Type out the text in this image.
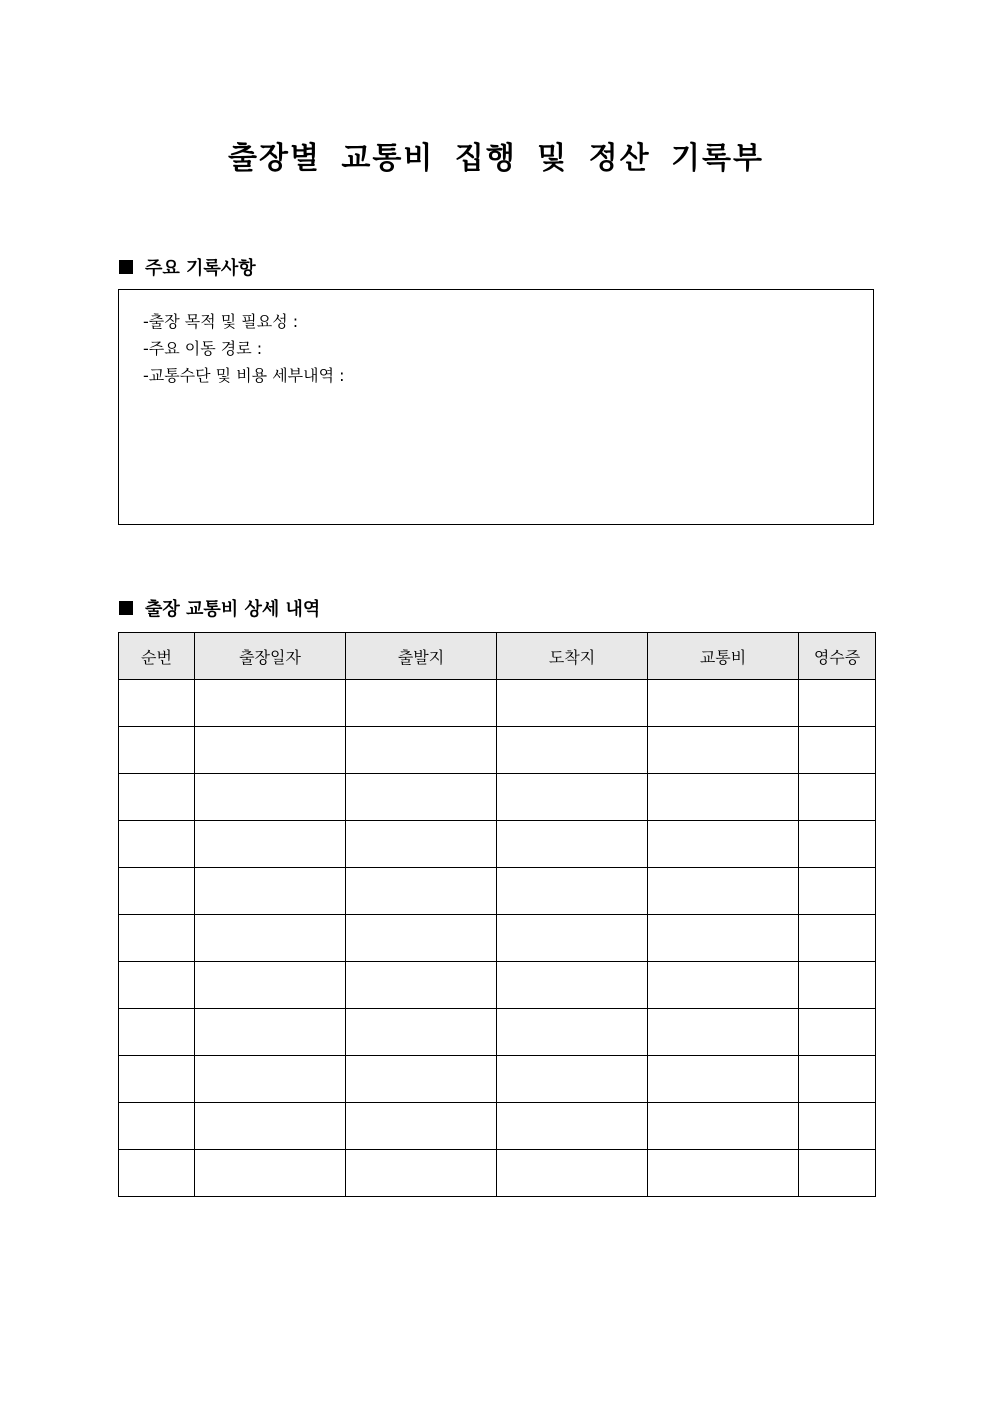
출장별 교통비 집행 및 정산 기록부
주요 기록사항
-출장 목적 및 필요성 :
-주요 이동 경로 :
-교통수단 및 비용 세부내역 :
출장 교통비 상세 내역
순번	출장일자	출발지	도착지	교통비	영수증
